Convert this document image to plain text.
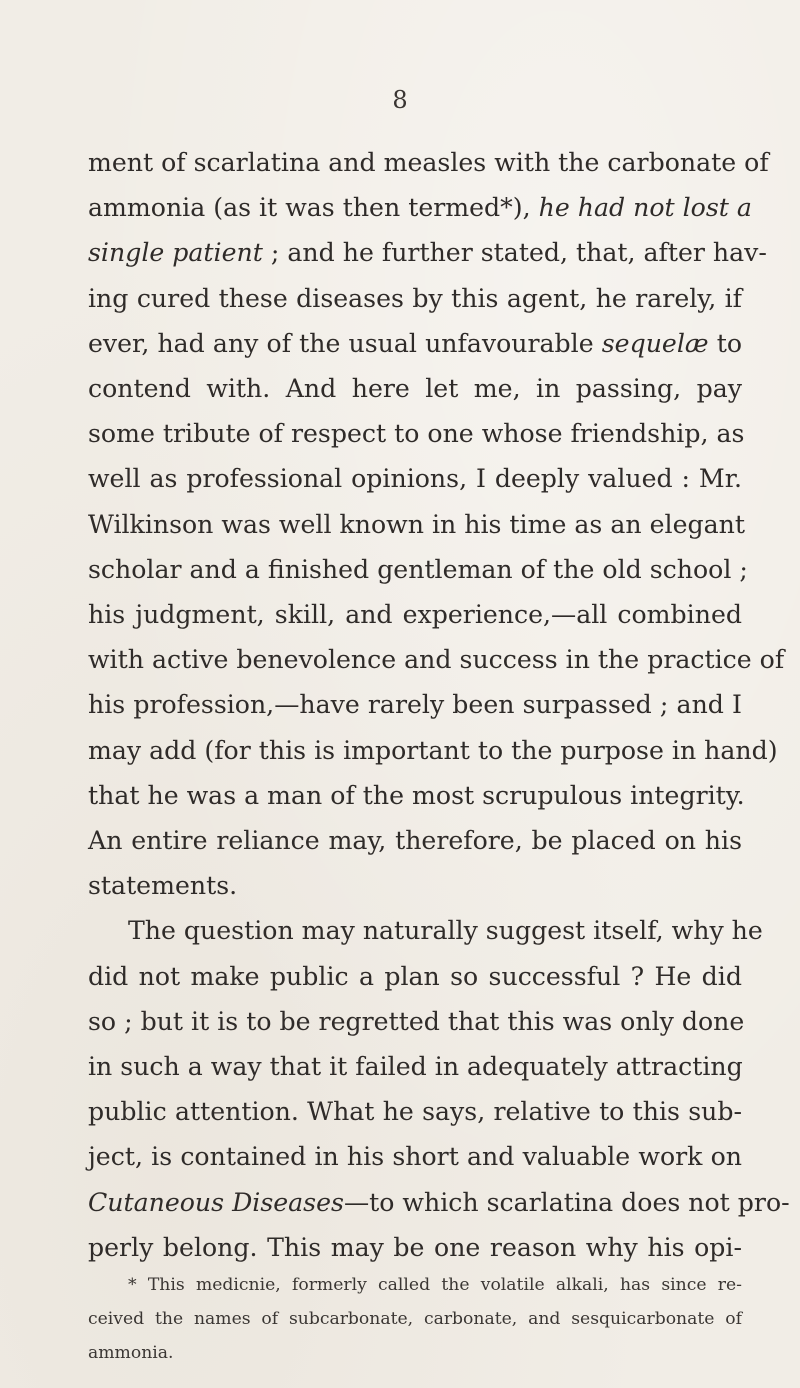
8
ment of scarlatina and measles with the carbonate of
ammonia (as it was then termed*), he had not lost a
single patient ; and he further stated, that, after hav-
ing cured these diseases by this agent, he rarely, if
ever, had any of the usual unfavourable sequelæ to
contend with. And here let me, in passing, pay
some tribute of respect to one whose friendship, as
well as professional opinions, I deeply valued : Mr.
Wilkinson was well known in his time as an elegant
scholar and a finished gentleman of the old school ;
his judgment, skill, and experience,—all combined
with active benevolence and success in the practice of
his profession,—have rarely been surpassed ; and I
may add (for this is important to the purpose in hand)
that he was a man of the most scrupulous integrity.
An entire reliance may, therefore, be placed on his
statements.
The question may naturally suggest itself, why he
did not make public a plan so successful ? He did
so ; but it is to be regretted that this was only done
in such a way that it failed in adequately attracting
public attention. What he says, relative to this sub-
ject, is contained in his short and valuable work on
Cutaneous Diseases—to which scarlatina does not pro-
perly belong. This may be one reason why his opi-
* This medicnie, formerly called the volatile alkali, has since re-
ceived the names of subcarbonate, carbonate, and sesquicarbonate of
ammonia.
